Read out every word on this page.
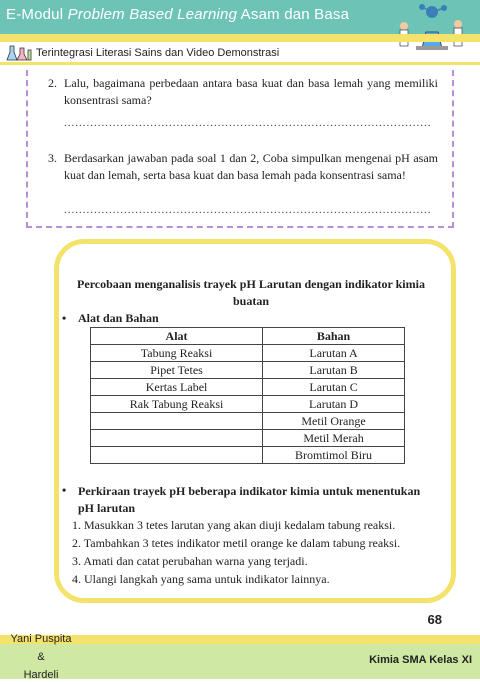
E-Modul Problem Based Learning Asam dan Basa
Terintegrasi Literasi Sains dan Video Demonstrasi
2. Lalu, bagaimana perbedaan antara basa kuat dan basa lemah yang memiliki konsentrasi sama?
..................................................................................................
3. Berdasarkan jawaban pada soal 1 dan 2, Coba simpulkan mengenai pH asam kuat dan lemah, serta basa kuat dan basa lemah pada konsentrasi sama!
..................................................................................................
Percobaan menganalisis trayek pH Larutan dengan indikator kimia buatan
• Alat dan Bahan
Alat	Bahan
Tabung Reaksi	Larutan A
Pipet Tetes	Larutan B
Kertas Label	Larutan C
Rak Tabung Reaksi	Larutan D
	Metil Orange
	Metil Merah
	Bromtimol Biru
• Perkiraan trayek pH beberapa indikator kimia untuk menentukan pH larutan
1. Masukkan 3 tetes larutan yang akan diuji kedalam tabung reaksi.
2. Tambahkan 3 tetes indikator metil orange ke dalam tabung reaksi.
3. Amati dan catat perubahan warna yang terjadi.
4. Ulangi langkah yang sama untuk indikator lainnya.
68
Yani Puspita &
Hardeli
Kimia SMA Kelas XI
